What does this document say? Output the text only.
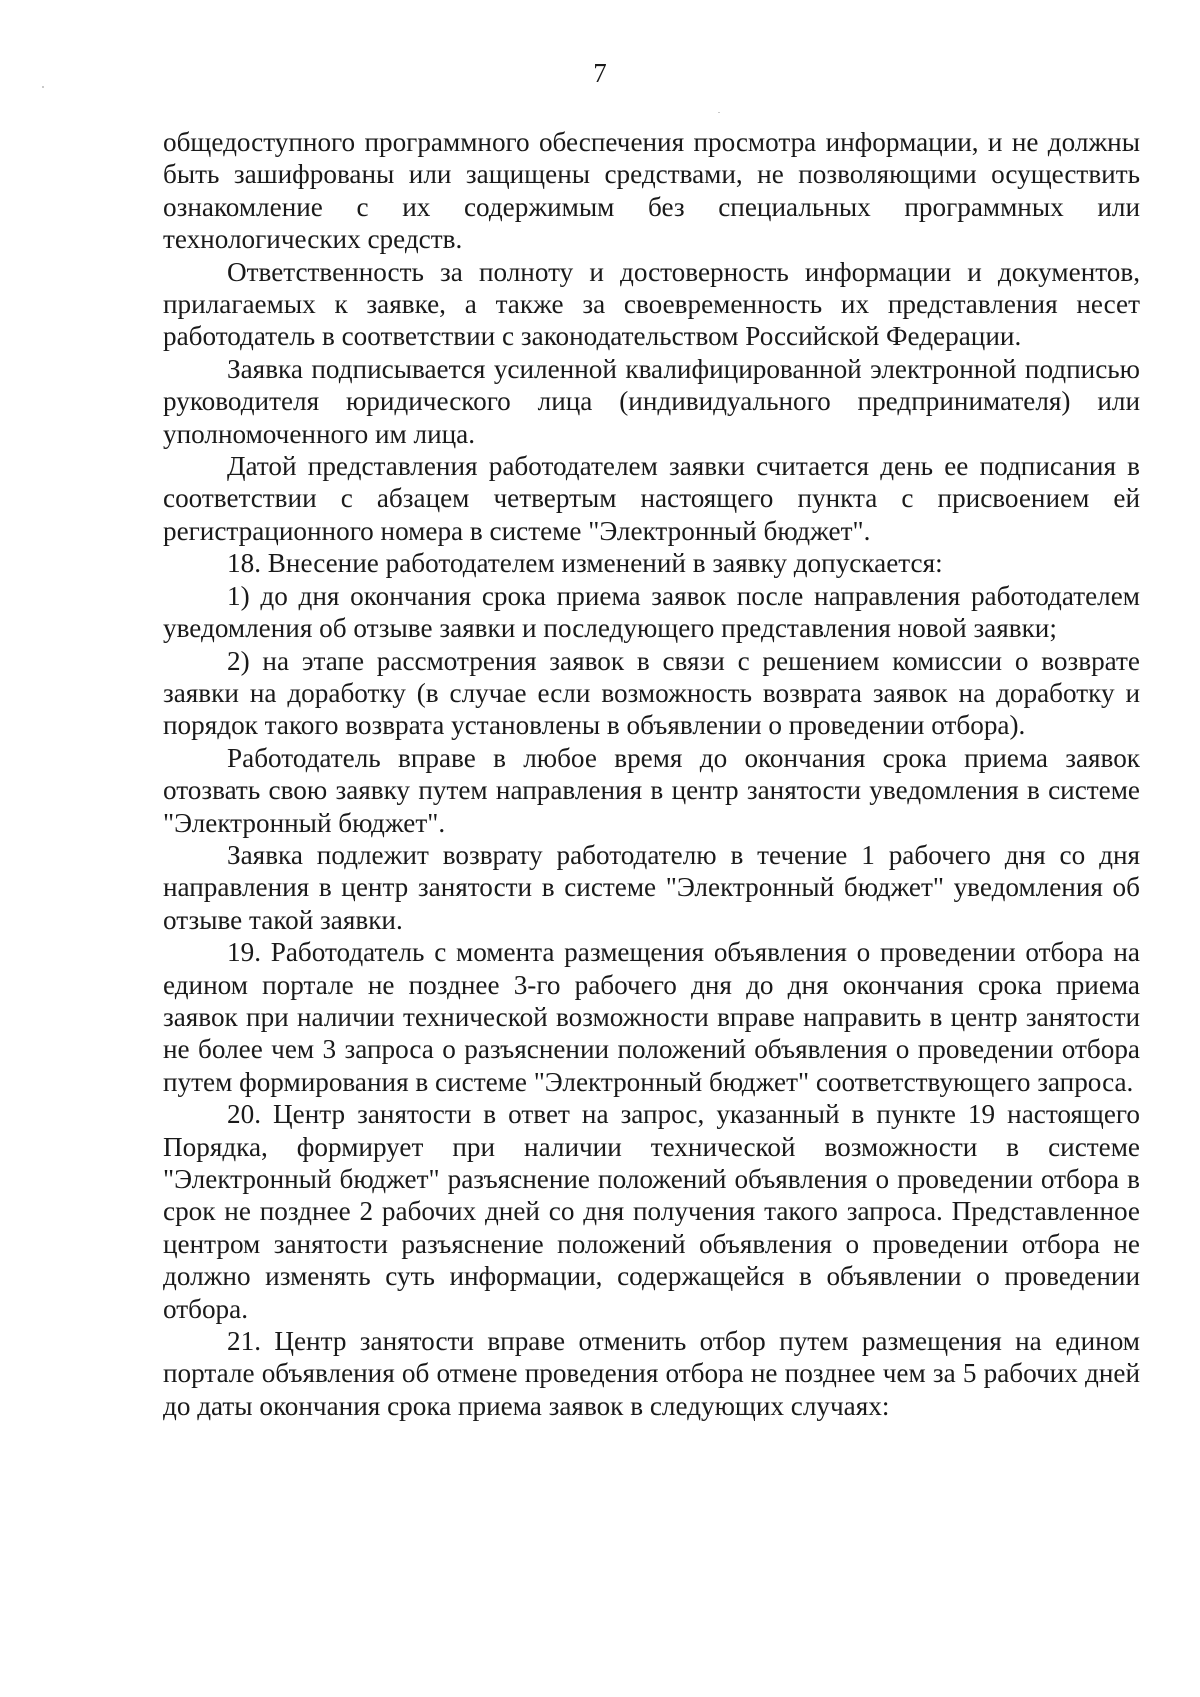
7

общедоступного программного обеспечения просмотра информации, и не должны быть зашифрованы или защищены средствами, не позволяющими осуществить ознакомление с их содержимым без специальных программных или технологических средств.

Ответственность за полноту и достоверность информации и документов, прилагаемых к заявке, а также за своевременность их представления несет работодатель в соответствии с законодательством Российской Федерации.

Заявка подписывается усиленной квалифицированной электронной подписью руководителя юридического лица (индивидуального предпринимателя) или уполномоченного им лица.

Датой представления работодателем заявки считается день ее подписания в соответствии с абзацем четвертым настоящего пункта с присвоением ей регистрационного номера в системе "Электронный бюджет".

18. Внесение работодателем изменений в заявку допускается:

1) до дня окончания срока приема заявок после направления работодателем уведомления об отзыве заявки и последующего представления новой заявки;

2) на этапе рассмотрения заявок в связи с решением комиссии о возврате заявки на доработку (в случае если возможность возврата заявок на доработку и порядок такого возврата установлены в объявлении о проведении отбора).

Работодатель вправе в любое время до окончания срока приема заявок отозвать свою заявку путем направления в центр занятости уведомления в системе "Электронный бюджет".

Заявка подлежит возврату работодателю в течение 1 рабочего дня со дня направления в центр занятости в системе "Электронный бюджет" уведомления об отзыве такой заявки.

19. Работодатель с момента размещения объявления о проведении отбора на едином портале не позднее 3-го рабочего дня до дня окончания срока приема заявок при наличии технической возможности вправе направить в центр занятости не более чем 3 запроса о разъяснении положений объявления о проведении отбора путем формирования в системе "Электронный бюджет" соответствующего запроса.

20. Центр занятости в ответ на запрос, указанный в пункте 19 настоящего Порядка, формирует при наличии технической возможности в системе "Электронный бюджет" разъяснение положений объявления о проведении отбора в срок не позднее 2 рабочих дней со дня получения такого запроса. Представленное центром занятости разъяснение положений объявления о проведении отбора не должно изменять суть информации, содержащейся в объявлении о проведении отбора.

21. Центр занятости вправе отменить отбор путем размещения на едином портале объявления об отмене проведения отбора не позднее чем за 5 рабочих дней до даты окончания срока приема заявок в следующих случаях:
